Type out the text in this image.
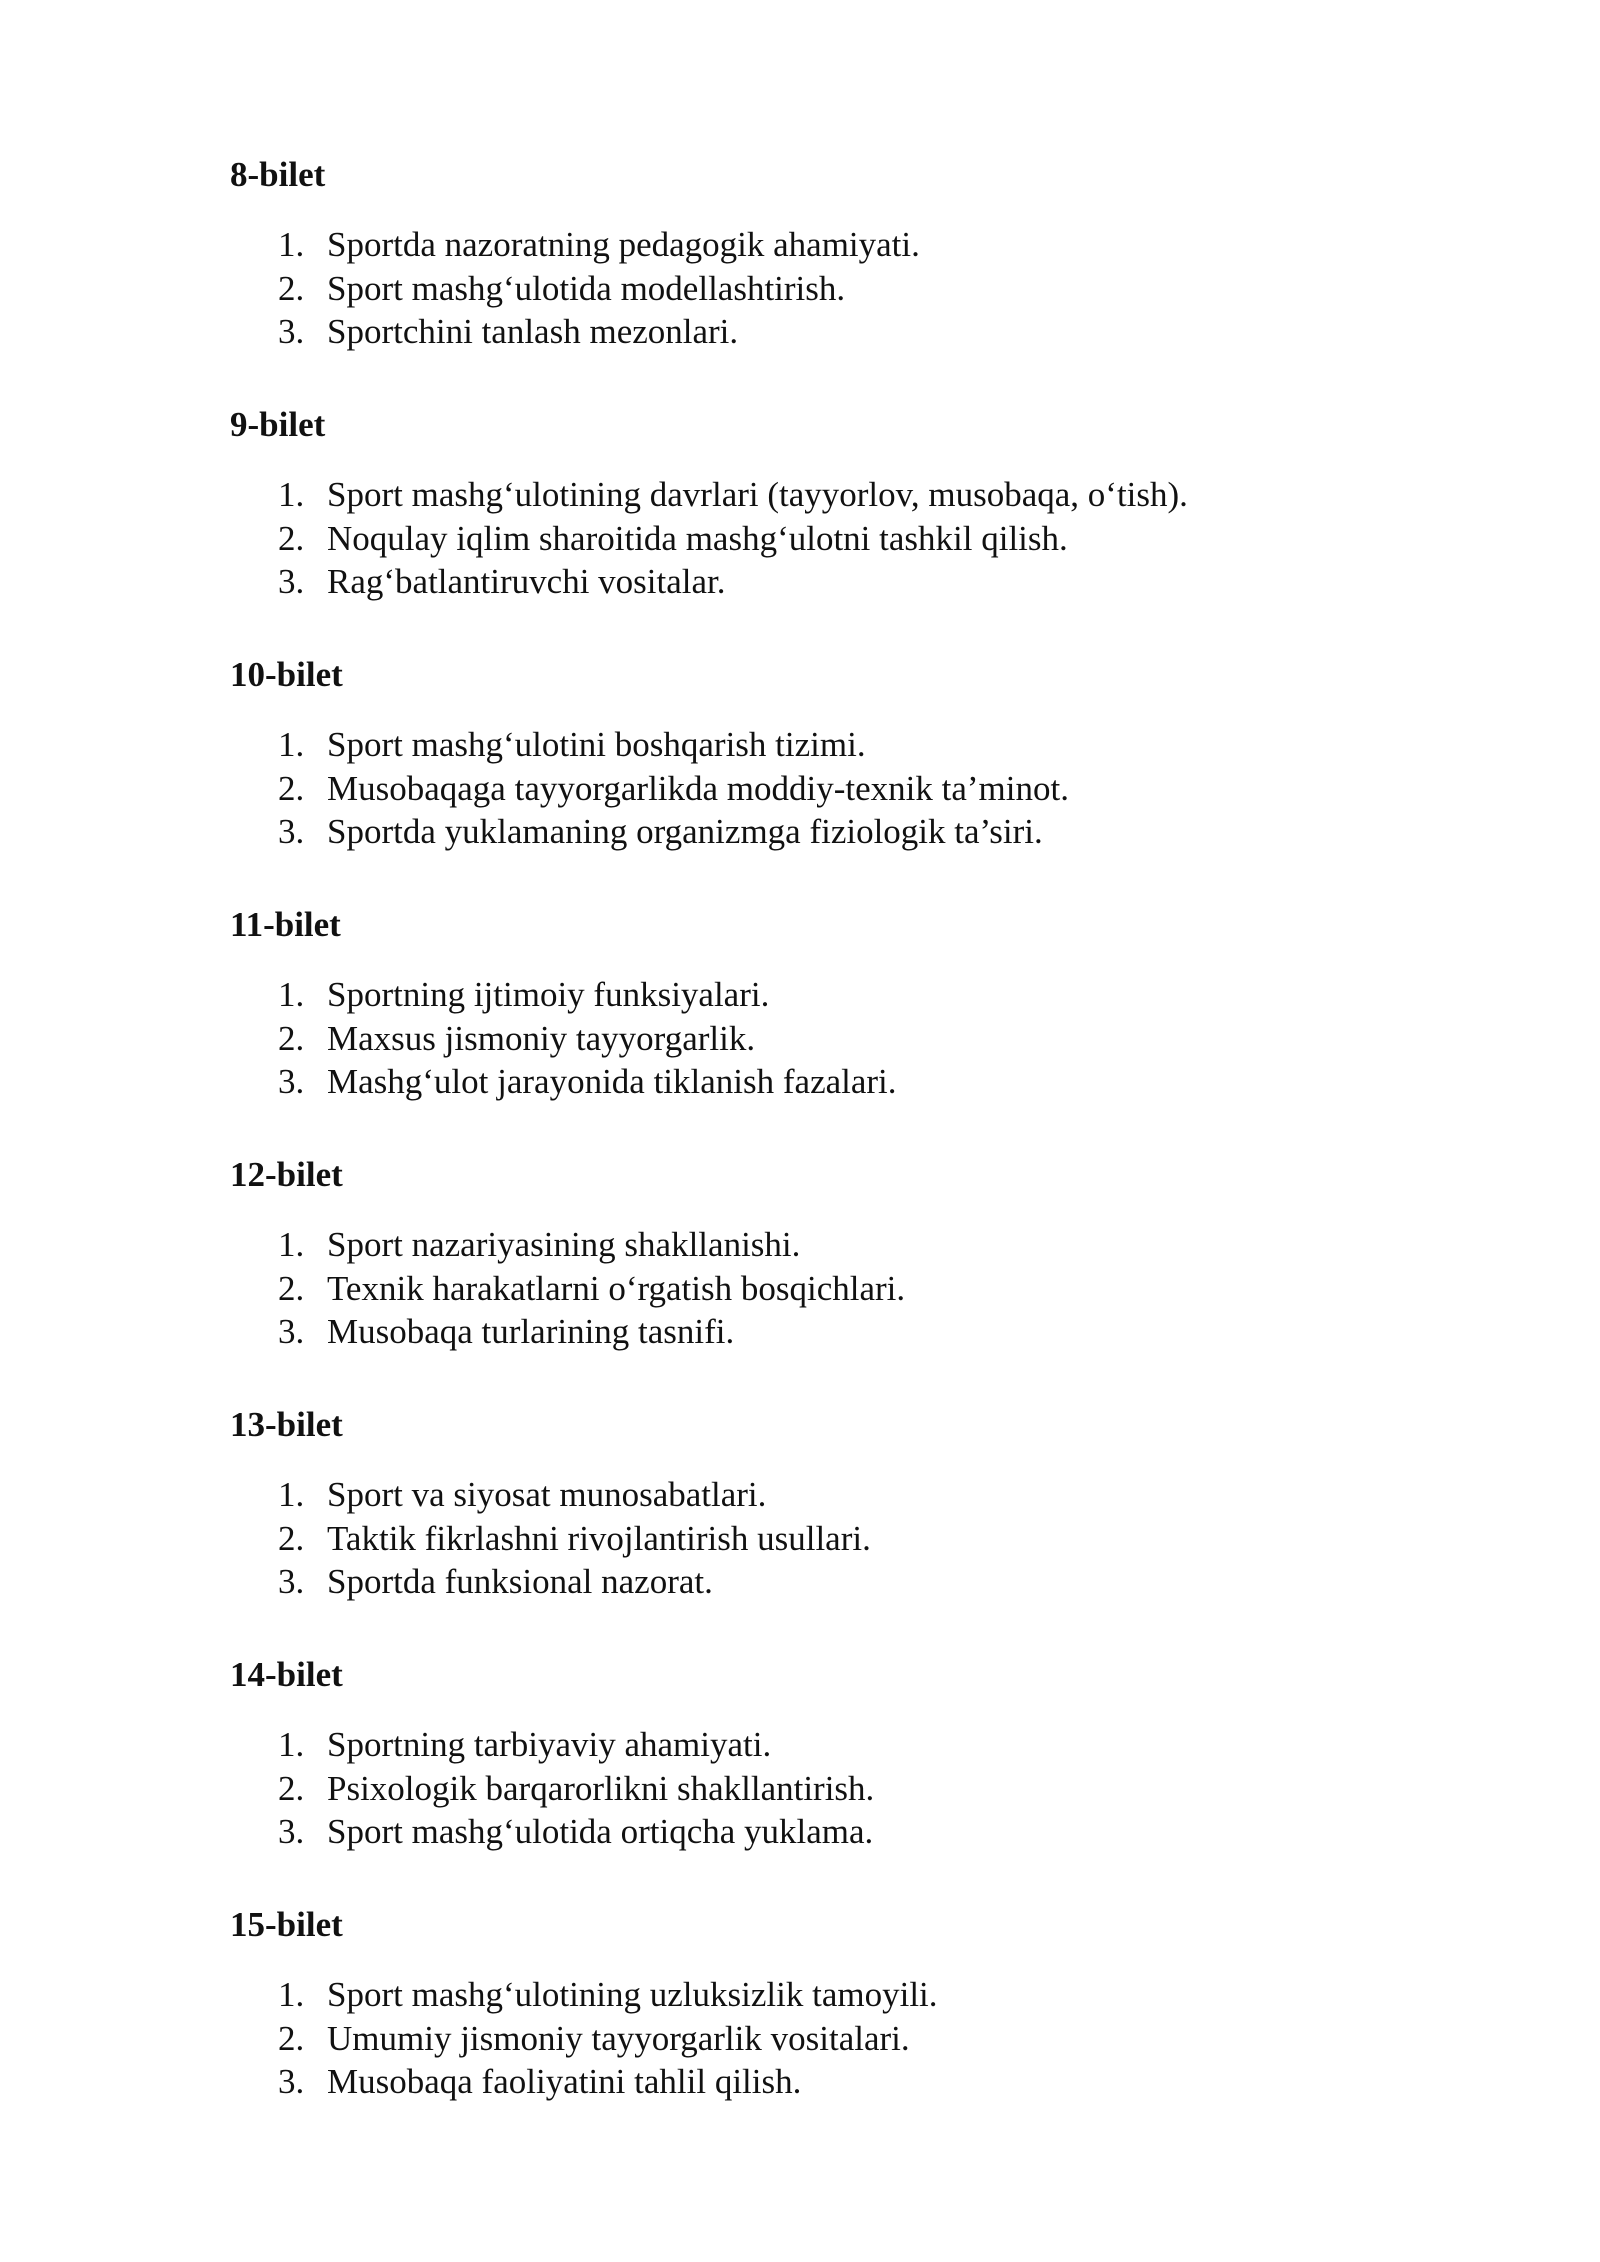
8-bilet
1. Sportda nazoratning pedagogik ahamiyati.
2. Sport mashg‘ulotida modellashtirish.
3. Sportchini tanlash mezonlari.
9-bilet
1. Sport mashg‘ulotining davrlari (tayyorlov, musobaqa, o‘tish).
2. Noqulay iqlim sharoitida mashg‘ulotni tashkil qilish.
3. Rag‘batlantiruvchi vositalar.
10-bilet
1. Sport mashg‘ulotini boshqarish tizimi.
2. Musobaqaga tayyorgarlikda moddiy-texnik ta’minot.
3. Sportda yuklamaning organizmga fiziologik ta’siri.
11-bilet
1. Sportning ijtimoiy funksiyalari.
2. Maxsus jismoniy tayyorgarlik.
3. Mashg‘ulot jarayonida tiklanish fazalari.
12-bilet
1. Sport nazariyasining shakllanishi.
2. Texnik harakatlarni o‘rgatish bosqichlari.
3. Musobaqa turlarining tasnifi.
13-bilet
1. Sport va siyosat munosabatlari.
2. Taktik fikrlashni rivojlantirish usullari.
3. Sportda funksional nazorat.
14-bilet
1. Sportning tarbiyaviy ahamiyati.
2. Psixologik barqarorlikni shakllantirish.
3. Sport mashg‘ulotida ortiqcha yuklama.
15-bilet
1. Sport mashg‘ulotining uzluksizlik tamoyili.
2. Umumiy jismoniy tayyorgarlik vositalari.
3. Musobaqa faoliyatini tahlil qilish.
